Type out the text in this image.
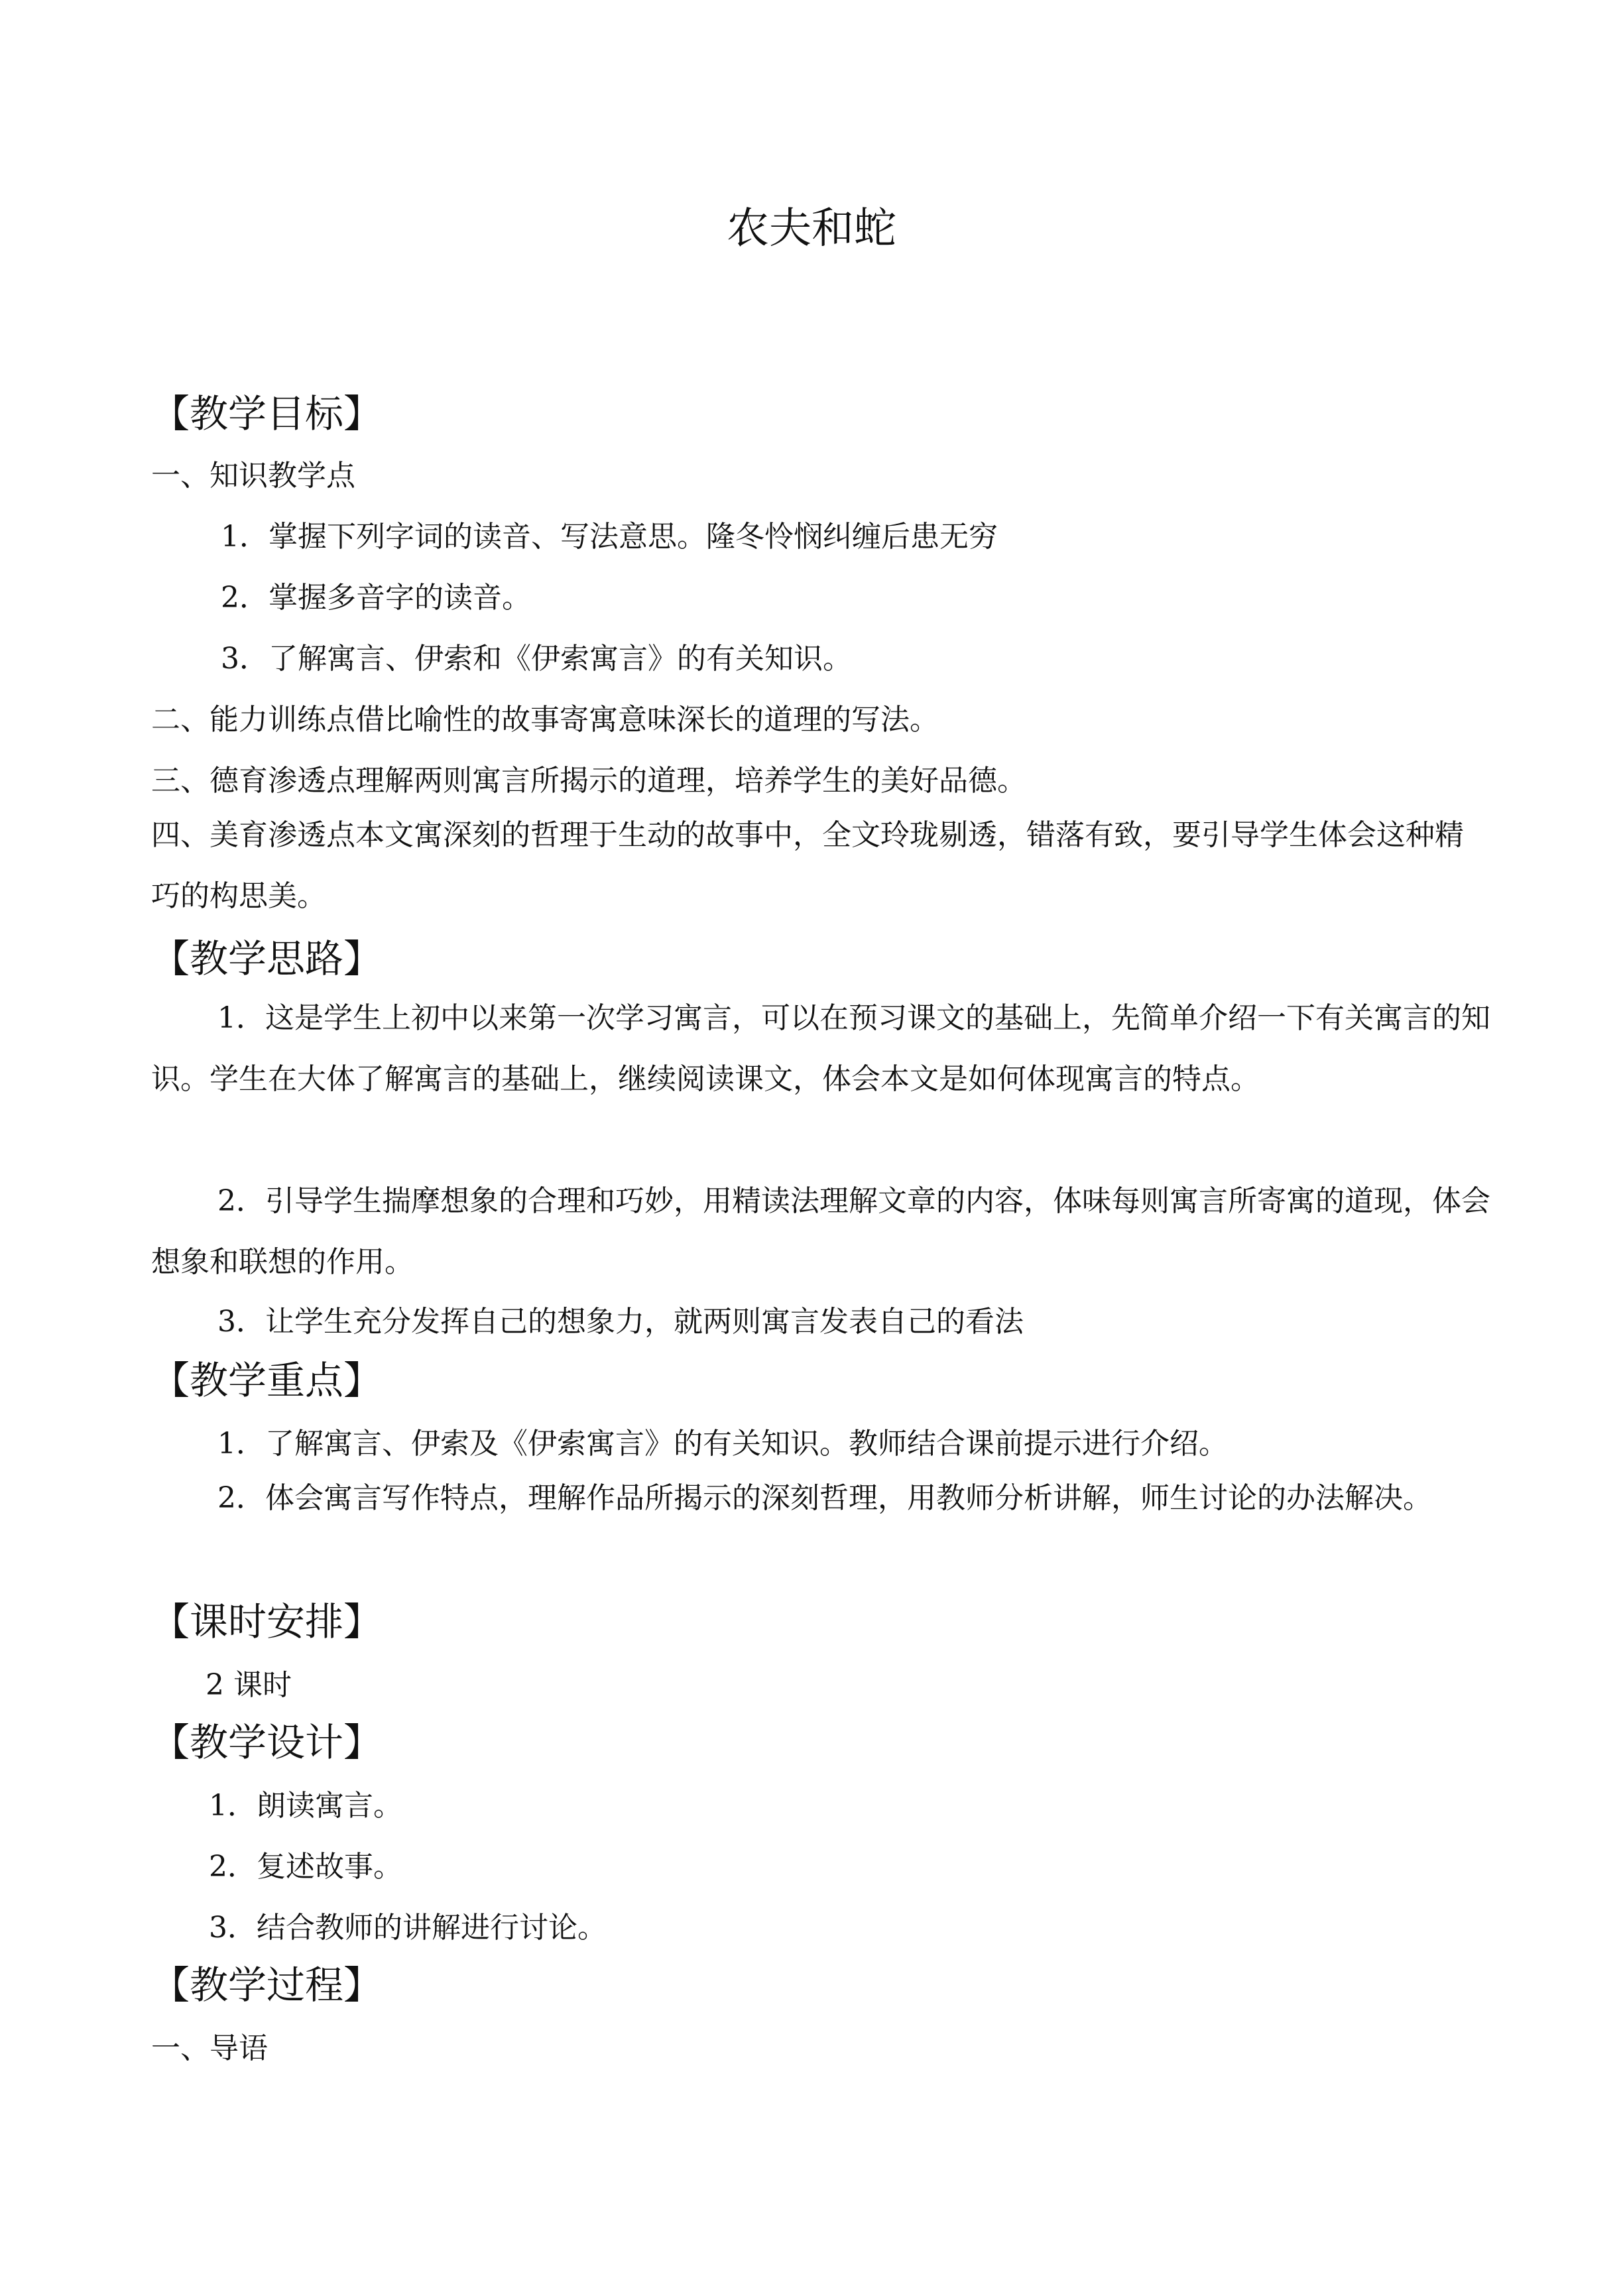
农夫和蛇
【教学目标】
一、知识教学点
1．掌握下列字词的读音、写法意思。隆冬怜悯纠缠后患无穷
2．掌握多音字的读音。
3．了解寓言、伊索和《伊索寓言》的有关知识。
二、能力训练点借比喻性的故事寄寓意味深长的道理的写法。
三、德育渗透点理解两则寓言所揭示的道理，培养学生的美好品德。
四、美育渗透点本文寓深刻的哲理于生动的故事中，全文玲珑剔透，错落有致，要引导学生体会这种精巧的构思美。
【教学思路】
1．这是学生上初中以来第一次学习寓言，可以在预习课文的基础上，先简单介绍一下有关寓言的知识。学生在大体了解寓言的基础上，继续阅读课文，体会本文是如何体现寓言的特点。
2．引导学生揣摩想象的合理和巧妙，用精读法理解文章的内容，体味每则寓言所寄寓的道现，体会想象和联想的作用。
3．让学生充分发挥自己的想象力，就两则寓言发表自己的看法
【教学重点】
1．了解寓言、伊索及《伊索寓言》的有关知识。教师结合课前提示进行介绍。
2．体会寓言写作特点，理解作品所揭示的深刻哲理，用教师分析讲解，师生讨论的办法解决。
【课时安排】
2 课时
【教学设计】
1．朗读寓言。
2．复述故事。
3．结合教师的讲解进行讨论。
【教学过程】
一、导语
